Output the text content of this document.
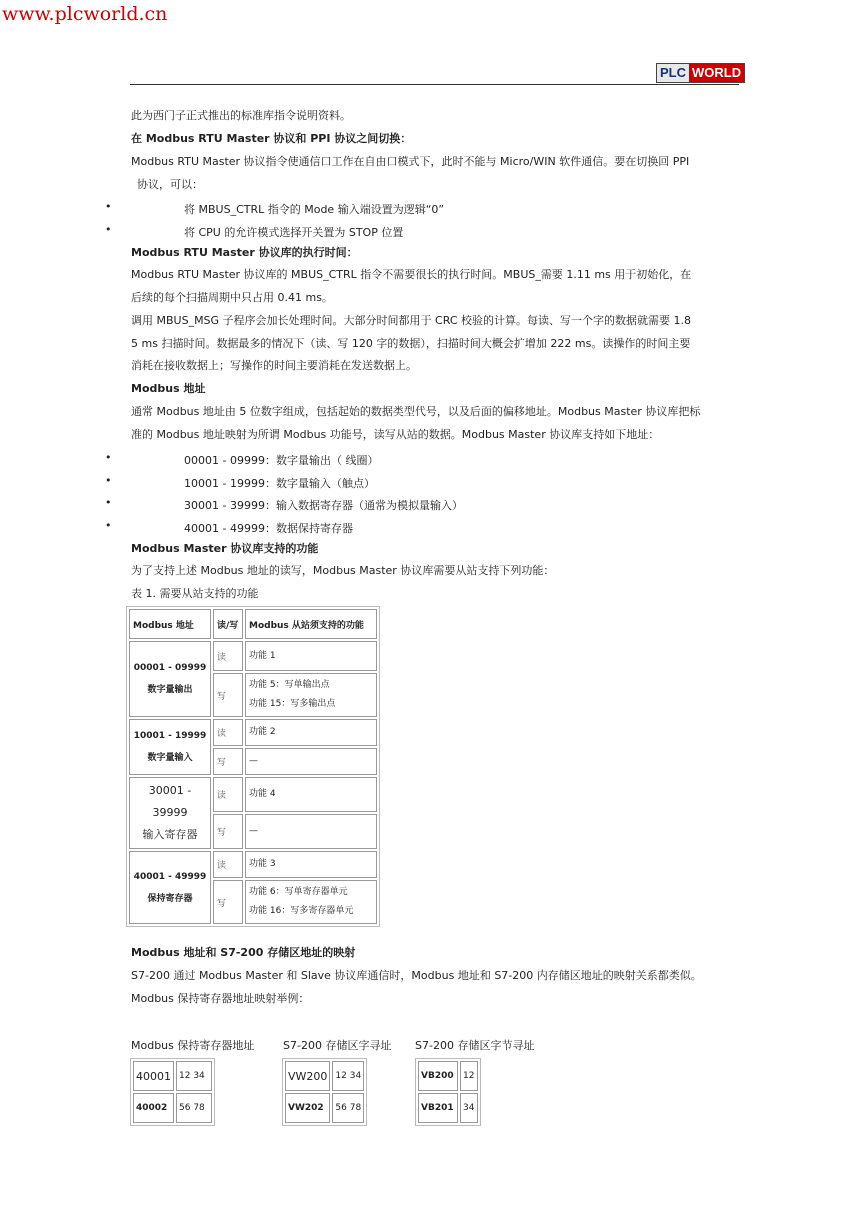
www.plcworld.cn
PLC WORLD
此为西门子正式推出的标准库指令说明资料。
在 Modbus RTU Master 协议和 PPI 协议之间切换：
Modbus RTU Master 协议指令使通信口工作在自由口模式下，此时不能与 Micro/WIN 软件通信。要在切换回 PPI
协议，可以：
•	将 MBUS_CTRL 指令的 Mode 输入端设置为逻辑“0”
•	将 CPU 的允许模式选择开关置为 STOP 位置
Modbus RTU Master 协议库的执行时间：
Modbus RTU Master 协议库的 MBUS_CTRL 指令不需要很长的执行时间。MBUS_需要 1.11 ms 用于初始化，在
后续的每个扫描周期中只占用 0.41 ms。
调用 MBUS_MSG 子程序会加长处理时间。大部分时间都用于 CRC 校验的计算。每读、写一个字的数据就需要 1.8
5 ms 扫描时间。数据最多的情况下（读、写 120 字的数据），扫描时间大概会扩增加 222 ms。读操作的时间主要
消耗在接收数据上；写操作的时间主要消耗在发送数据上。
Modbus 地址
通常 Modbus 地址由 5 位数字组成，包括起始的数据类型代号，以及后面的偏移地址。Modbus Master 协议库把标
准的 Modbus 地址映射为所谓 Modbus 功能号，读写从站的数据。Modbus Master 协议库支持如下地址：
•	00001 - 09999：数字量输出（ 线圈）
•	10001 - 19999：数字量输入（触点）
•	30001 - 39999：输入数据寄存器（通常为模拟量输入）
•	40001 - 49999：数据保持寄存器
Modbus Master 协议库支持的功能
为了支持上述 Modbus 地址的读写，Modbus Master 协议库需要从站支持下列功能：
表 1. 需要从站支持的功能
Modbus 地址	读/写	Modbus 从站须支持的功能
00001 - 09999
数字量输出	读	功能 1
	写	功能 5：写单输出点
功能 15：写多输出点
10001 - 19999
数字量输入	读	功能 2
	写	—
30001 - 39999
输入寄存器	读	功能 4
	写	—
40001 - 49999
保持寄存器	读	功能 3
	写	功能 6：写单寄存器单元
功能 16：写多寄存器单元
Modbus 地址和 S7-200 存储区地址的映射
S7-200 通过 Modbus Master 和 Slave 协议库通信时，Modbus 地址和 S7-200 内存储区地址的映射关系都类似。
Modbus 保持寄存器地址映射举例：
Modbus 保持寄存器地址	S7-200 存储区字寻址 S7-200 存储区字节寻址
40001	12 34
40002	56 78
VW200	12 34
VW202	56 78
VB200	12
VB201	34
